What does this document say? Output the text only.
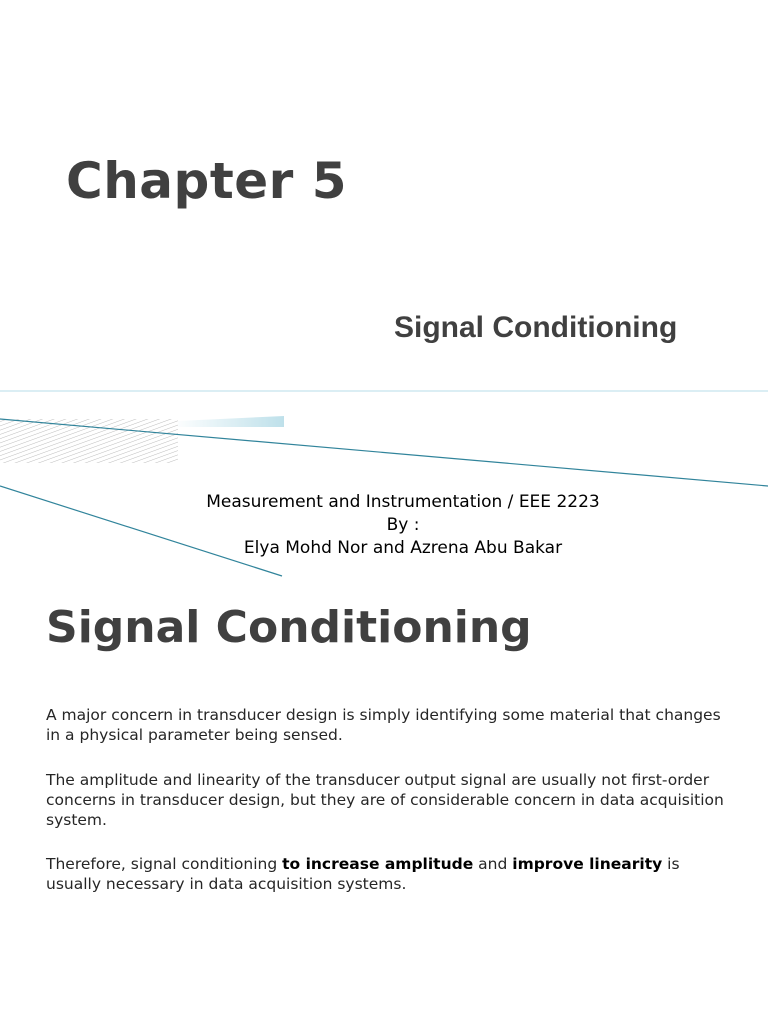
Chapter 5
Signal Conditioning
Measurement and Instrumentation / EEE 2223
By :
Elya Mohd Nor and Azrena Abu Bakar
Signal Conditioning

A major concern in transducer design is simply identifying some material that changes in a physical parameter being sensed.

The amplitude and linearity of the transducer output signal are usually not first-order concerns in transducer design, but they are of considerable concern in data acquisition system.

Therefore, signal conditioning to increase amplitude and improve linearity is usually necessary in data acquisition systems.
